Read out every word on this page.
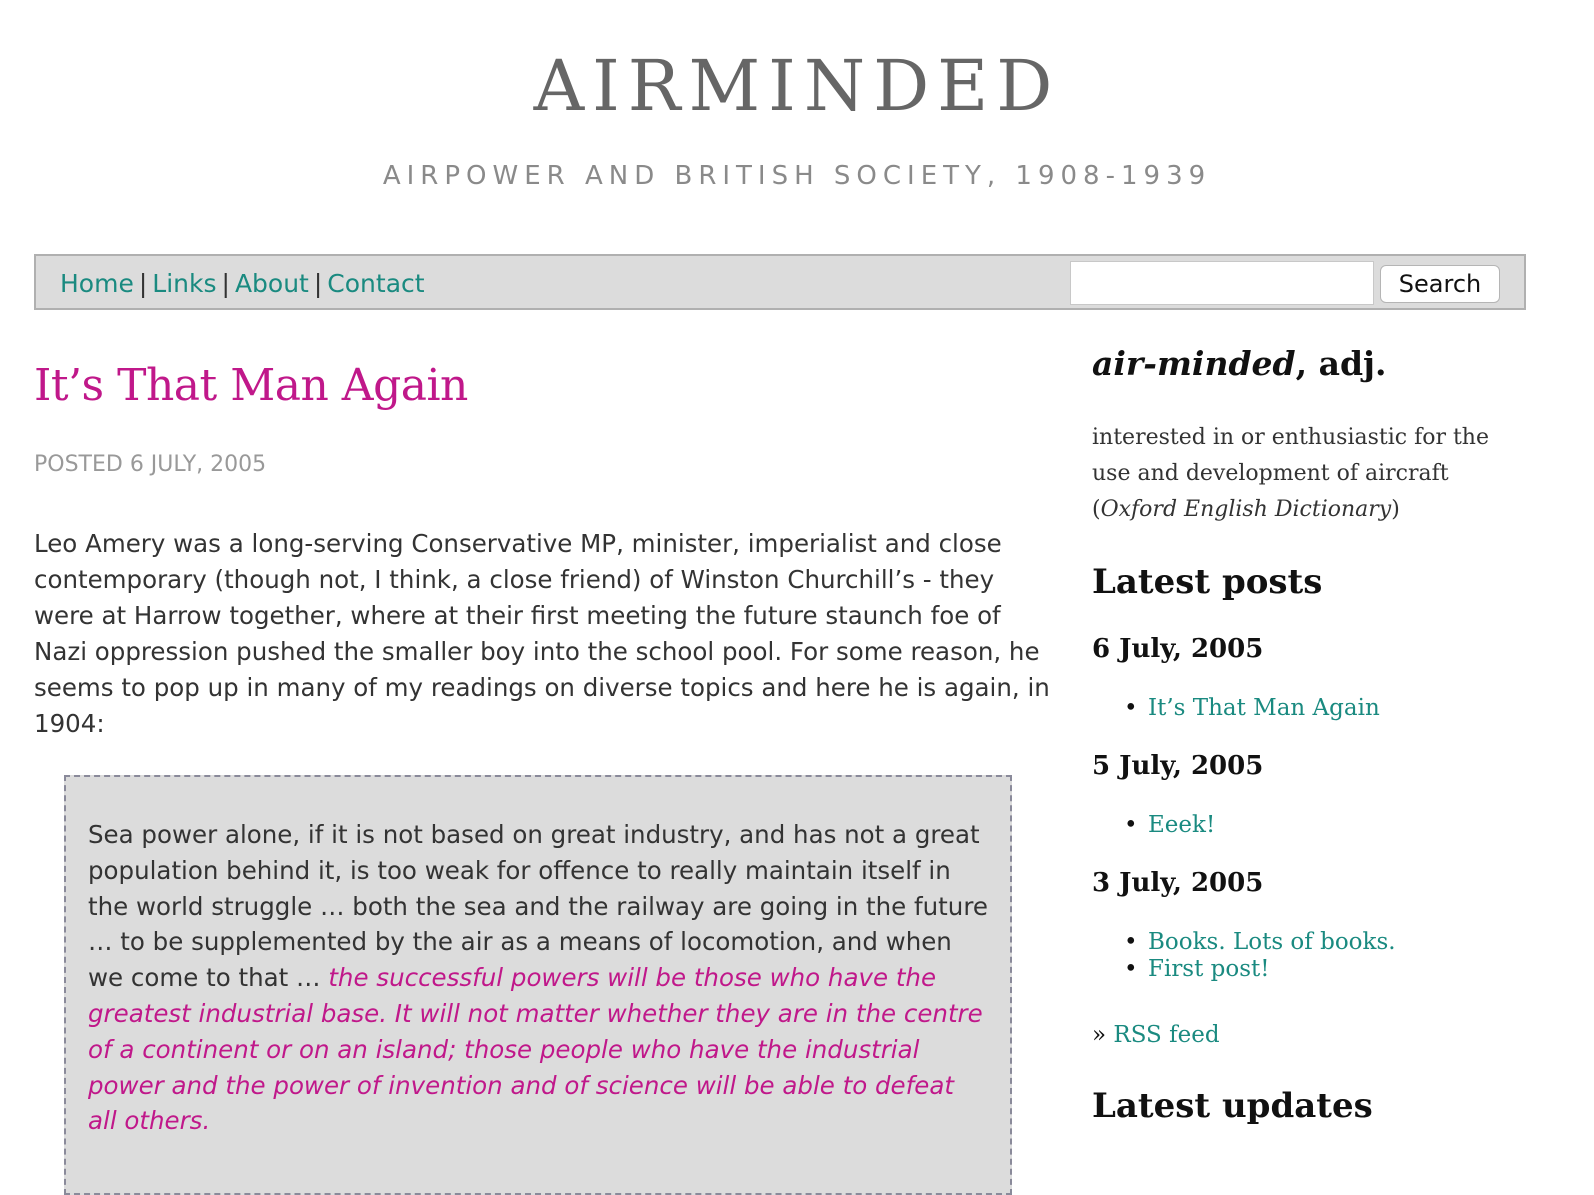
AIRMINDED
AIRPOWER AND BRITISH SOCIETY, 1908-1939
Home | Links | About | Contact	Search
It’s That Man Again
POSTED 6 JULY, 2005

Leo Amery was a long-serving Conservative MP, minister, imperialist and close contemporary (though not, I think, a close friend) of Winston Churchill’s - they were at Harrow together, where at their first meeting the future staunch foe of Nazi oppression pushed the smaller boy into the school pool. For some reason, he seems to pop up in many of my readings on diverse topics and here he is again, in 1904:

Sea power alone, if it is not based on great industry, and has not a great population behind it, is too weak for offence to really maintain itself in the world struggle … both the sea and the railway are going in the future … to be supplemented by the air as a means of locomotion, and when we come to that … the successful powers will be those who have the greatest industrial base. It will not matter whether they are in the centre of a continent or on an island; those people who have the industrial power and the power of invention and of science will be able to defeat all others.

air-minded, adj.

interested in or enthusiastic for the use and development of aircraft (Oxford English Dictionary)

Latest posts
6 July, 2005
• It’s That Man Again
5 July, 2005
• Eeek!
3 July, 2005
• Books. Lots of books.
• First post!
» RSS feed
Latest updates
